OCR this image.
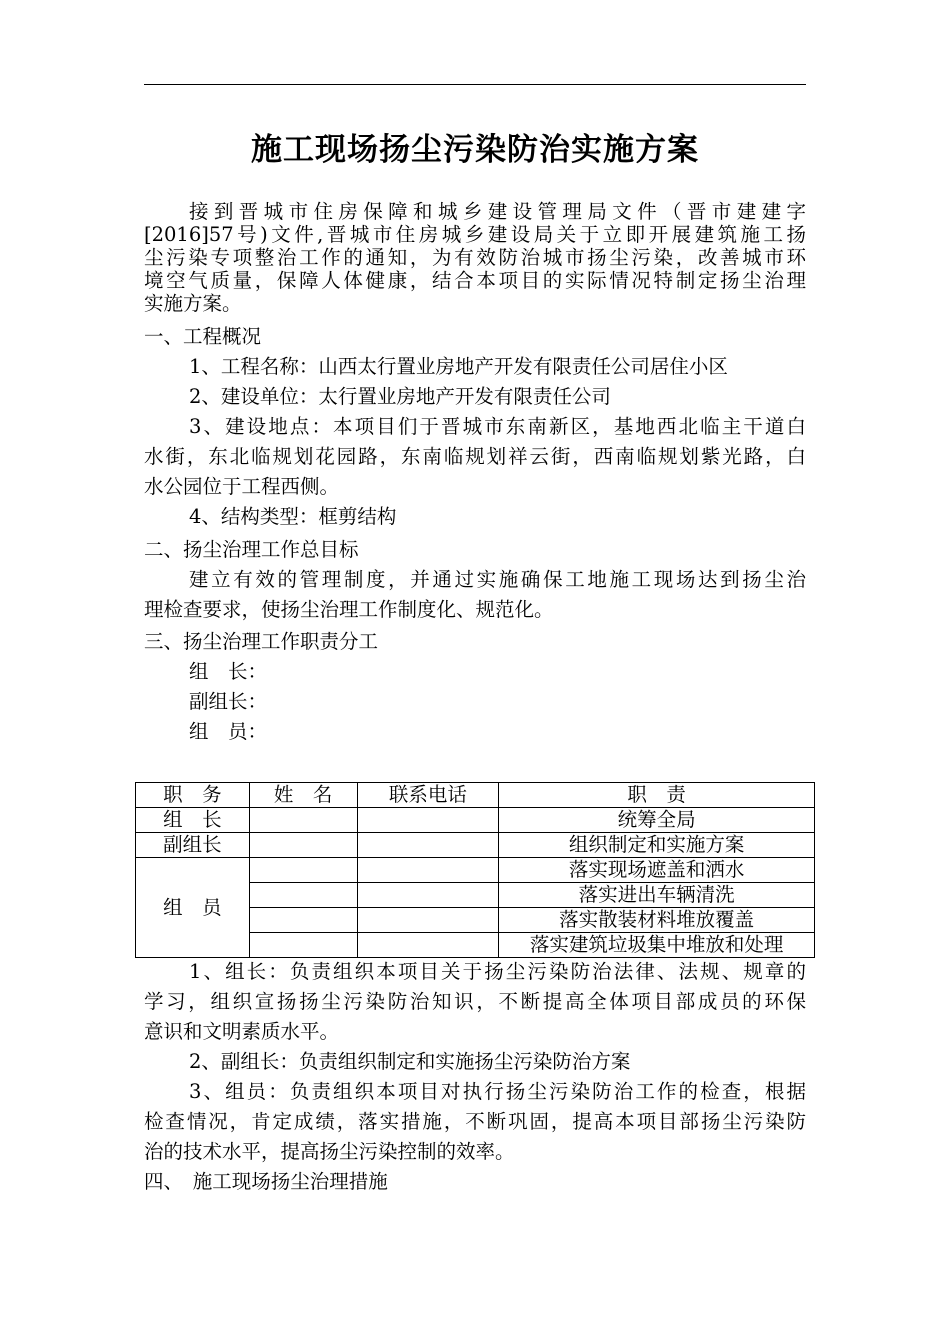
施工现场扬尘污染防治实施方案
接到晋城市住房保障和城乡建设管理局文件（晋市建建字
[2016]57号)文件,晋城市住房城乡建设局关于立即开展建筑施工扬
尘污染专项整治工作的通知，为有效防治城市扬尘污染，改善城市环
境空气质量，保障人体健康，结合本项目的实际情况特制定扬尘治理
实施方案。
一、工程概况
1、工程名称：山西太行置业房地产开发有限责任公司居住小区
2、建设单位：太行置业房地产开发有限责任公司
3、建设地点：本项目们于晋城市东南新区，基地西北临主干道白
水街，东北临规划花园路，东南临规划祥云街，西南临规划紫光路，白
水公园位于工程西侧。
4、结构类型：框剪结构
二、扬尘治理工作总目标
建立有效的管理制度，并通过实施确保工地施工现场达到扬尘治
理检查要求，使扬尘治理工作制度化、规范化。
三、扬尘治理工作职责分工
组　长：
副组长：
组　员：
职　务	姓　名	联系电话	职　责
组　长			统筹全局
副组长			组织制定和实施方案
组　员			落实现场遮盖和洒水
			落实进出车辆清洗
			落实散装材料堆放覆盖
			落实建筑垃圾集中堆放和处理
1、组长：负责组织本项目关于扬尘污染防治法律、法规、规章的
学习，组织宣扬扬尘污染防治知识，不断提高全体项目部成员的环保
意识和文明素质水平。
2、副组长：负责组织制定和实施扬尘污染防治方案
3、组员：负责组织本项目对执行扬尘污染防治工作的检查，根据
检查情况，肯定成绩，落实措施，不断巩固，提高本项目部扬尘污染防
治的技术水平，提高扬尘污染控制的效率。
四、　施工现场扬尘治理措施
